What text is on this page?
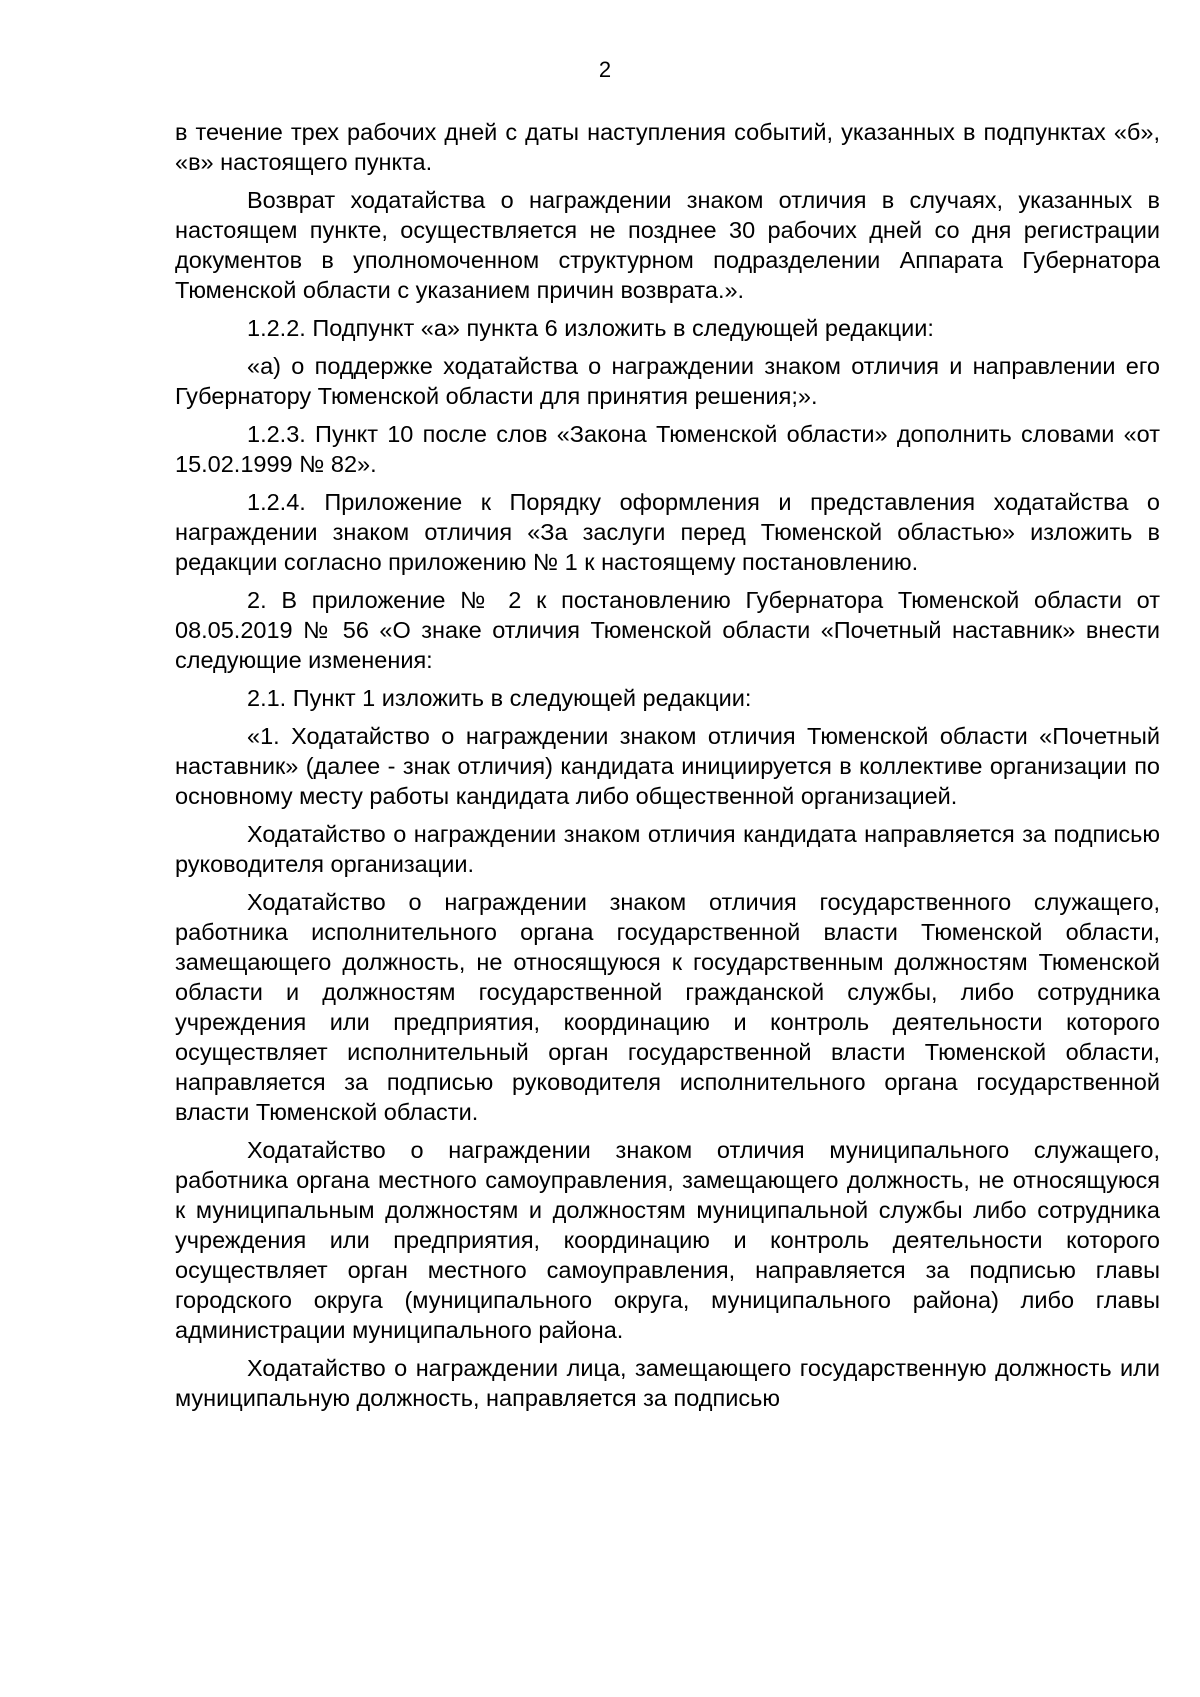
2

в течение трех рабочих дней с даты наступления событий, указанных в подпунктах «б», «в» настоящего пункта.

Возврат ходатайства о награждении знаком отличия в случаях, указанных в настоящем пункте, осуществляется не позднее 30 рабочих дней со дня регистрации документов в уполномоченном структурном подразделении Аппарата Губернатора Тюменской области с указанием причин возврата.».

1.2.2. Подпункт «а» пункта 6 изложить в следующей редакции:

«а) о поддержке ходатайства о награждении знаком отличия и направлении его Губернатору Тюменской области для принятия решения;».

1.2.3. Пункт 10 после слов «Закона Тюменской области» дополнить словами «от 15.02.1999 № 82».

1.2.4. Приложение к Порядку оформления и представления ходатайства о награждении знаком отличия «За заслуги перед Тюменской областью» изложить в редакции согласно приложению № 1 к настоящему постановлению.

2. В приложение № 2 к постановлению Губернатора Тюменской области от 08.05.2019 № 56 «О знаке отличия Тюменской области «Почетный наставник» внести следующие изменения:

2.1. Пункт 1 изложить в следующей редакции:

«1. Ходатайство о награждении знаком отличия Тюменской области «Почетный наставник» (далее - знак отличия) кандидата инициируется в коллективе организации по основному месту работы кандидата либо общественной организацией.

Ходатайство о награждении знаком отличия кандидата направляется за подписью руководителя организации.

Ходатайство о награждении знаком отличия государственного служащего, работника исполнительного органа государственной власти Тюменской области, замещающего должность, не относящуюся к государственным должностям Тюменской области и должностям государственной гражданской службы, либо сотрудника учреждения или предприятия, координацию и контроль деятельности которого осуществляет исполнительный орган государственной власти Тюменской области, направляется за подписью руководителя исполнительного органа государственной власти Тюменской области.

Ходатайство о награждении знаком отличия муниципального служащего, работника органа местного самоуправления, замещающего должность, не относящуюся к муниципальным должностям и должностям муниципальной службы либо сотрудника учреждения или предприятия, координацию и контроль деятельности которого осуществляет орган местного самоуправления, направляется за подписью главы городского округа (муниципального округа, муниципального района) либо главы администрации муниципального района.

Ходатайство о награждении лица, замещающего государственную должность или муниципальную должность, направляется за подписью
